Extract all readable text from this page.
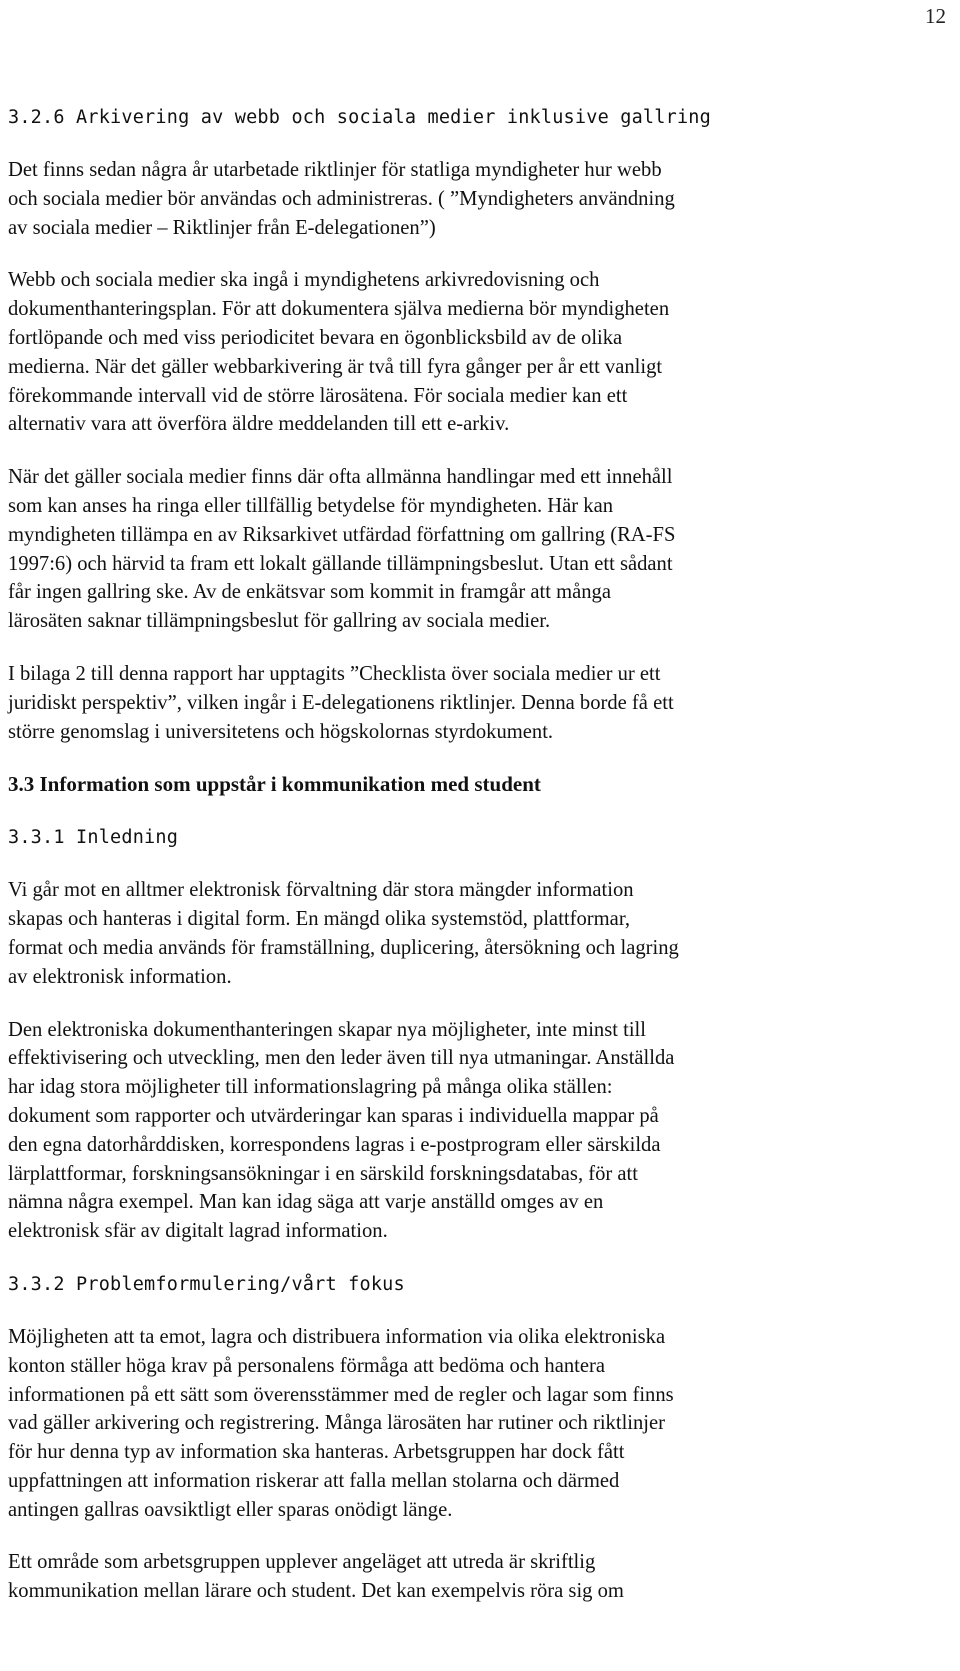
12
3.2.6 Arkivering av webb och sociala medier inklusive gallring

Det finns sedan några år utarbetade riktlinjer för statliga myndigheter hur webb
och sociala medier bör användas och administreras. ( ”Myndigheters användning
av sociala medier – Riktlinjer från E-delegationen”)

Webb och sociala medier ska ingå i myndighetens arkivredovisning och
dokumenthanteringsplan. För att dokumentera själva medierna bör myndigheten
fortlöpande och med viss periodicitet bevara en ögonblicksbild av de olika
medierna. När det gäller webbarkivering är två till fyra gånger per år ett vanligt
förekommande intervall vid de större lärosätena. För sociala medier kan ett
alternativ vara att överföra äldre meddelanden till ett e-arkiv.

När det gäller sociala medier finns där ofta allmänna handlingar med ett innehåll
som kan anses ha ringa eller tillfällig betydelse för myndigheten. Här kan
myndigheten tillämpa en av Riksarkivet utfärdad författning om gallring (RA-FS
1997:6) och härvid ta fram ett lokalt gällande tillämpningsbeslut. Utan ett sådant
får ingen gallring ske. Av de enkätsvar som kommit in framgår att många
lärosäten saknar tillämpningsbeslut för gallring av sociala medier.

I bilaga 2 till denna rapport har upptagits ”Checklista över sociala medier ur ett
juridiskt perspektiv”, vilken ingår i E-delegationens riktlinjer. Denna borde få ett
större genomslag i universitetens och högskolornas styrdokument.

3.3 Information som uppstår i kommunikation med student
3.3.1 Inledning

Vi går mot en alltmer elektronisk förvaltning där stora mängder information
skapas och hanteras i digital form. En mängd olika systemstöd, plattformar,
format och media används för framställning, duplicering, återsökning och lagring
av elektronisk information.

Den elektroniska dokumenthanteringen skapar nya möjligheter, inte minst till
effektivisering och utveckling, men den leder även till nya utmaningar. Anställda
har idag stora möjligheter till informationslagring på många olika ställen:
dokument som rapporter och utvärderingar kan sparas i individuella mappar på
den egna datorhårddisken, korrespondens lagras i e-postprogram eller särskilda
lärplattformar, forskningsansökningar i en särskild forskningsdatabas, för att
nämna några exempel. Man kan idag säga att varje anställd omges av en
elektronisk sfär av digitalt lagrad information.

3.3.2 Problemformulering/vårt fokus

Möjligheten att ta emot, lagra och distribuera information via olika elektroniska
konton ställer höga krav på personalens förmåga att bedöma och hantera
informationen på ett sätt som överensstämmer med de regler och lagar som finns
vad gäller arkivering och registrering. Många lärosäten har rutiner och riktlinjer
för hur denna typ av information ska hanteras. Arbetsgruppen har dock fått
uppfattningen att information riskerar att falla mellan stolarna och därmed
antingen gallras oavsiktligt eller sparas onödigt länge.

Ett område som arbetsgruppen upplever angeläget att utreda är skriftlig
kommunikation mellan lärare och student. Det kan exempelvis röra sig om
